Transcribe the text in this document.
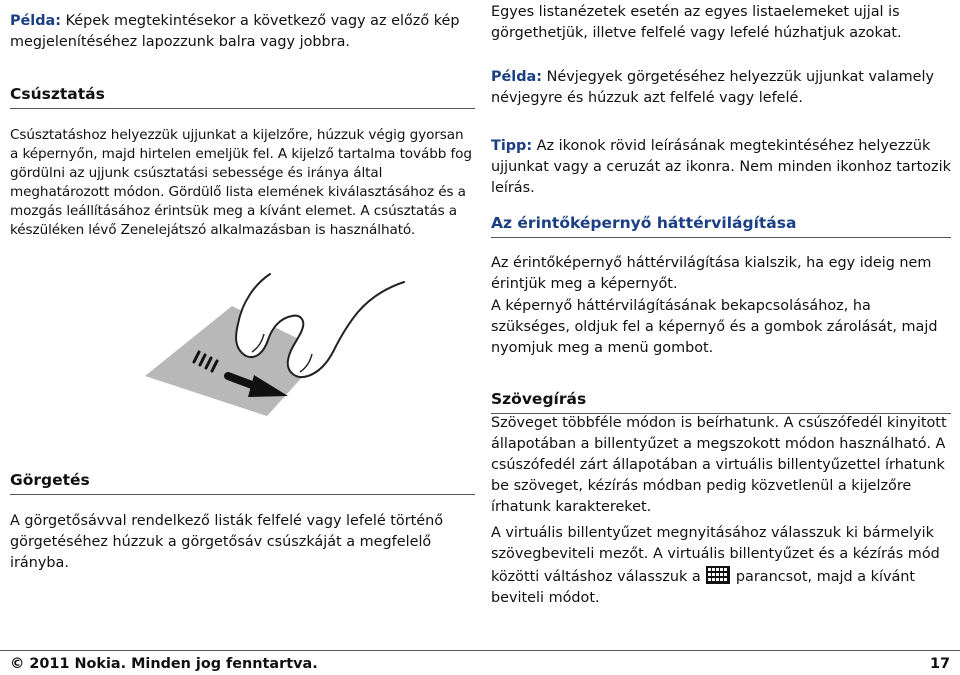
Példa: Képek megtekintésekor a következő vagy az előző kép megjelenítéséhez lapozzunk balra vagy jobbra.

Csúsztatás

Csúsztatáshoz helyezzük ujjunkat a kijelzőre, húzzuk végig gyorsan a képernyőn, majd hirtelen emeljük fel. A kijelző tartalma tovább fog gördülni az ujjunk csúsztatási sebessége és iránya által meghatározott módon. Gördülő lista elemének kiválasztásához és a mozgás leállításához érintsük meg a kívánt elemet. A csúsztatás a készüléken lévő Zenelejátszó alkalmazásban is használható.

Görgetés

A görgetősávval rendelkező listák felfelé vagy lefelé történő görgetéséhez húzzuk a görgetősáv csúszkáját a megfelelő irányba.

Egyes listanézetek esetén az egyes listaelemeket ujjal is görgethetjük, illetve felfelé vagy lefelé húzhatjuk azokat.

Példa: Névjegyek görgetéséhez helyezzük ujjunkat valamely névjegyre és húzzuk azt felfelé vagy lefelé.

Tipp: Az ikonok rövid leírásának megtekintéséhez helyezzük ujjunkat vagy a ceruzát az ikonra. Nem minden ikonhoz tartozik leírás.

Az érintőképernyő háttérvilágítása

Az érintőképernyő háttérvilágítása kialszik, ha egy ideig nem érintjük meg a képernyőt.

A képernyő háttérvilágításának bekapcsolásához, ha szükséges, oldjuk fel a képernyő és a gombok zárolását, majd nyomjuk meg a menü gombot.

Szövegírás

Szöveget többféle módon is beírhatunk. A csúszófedél kinyitott állapotában a billentyűzet a megszokott módon használható. A csúszófedél zárt állapotában a virtuális billentyűzettel írhatunk be szöveget, kézírás módban pedig közvetlenül a kijelzőre írhatunk karaktereket.

A virtuális billentyűzet megnyitásához válasszuk ki bármelyik szövegbeviteli mezőt. A virtuális billentyűzet és a kézírás mód közötti váltáshoz válasszuk a  parancsot, majd a kívánt beviteli módot.

© 2011 Nokia. Minden jog fenntartva.	17
